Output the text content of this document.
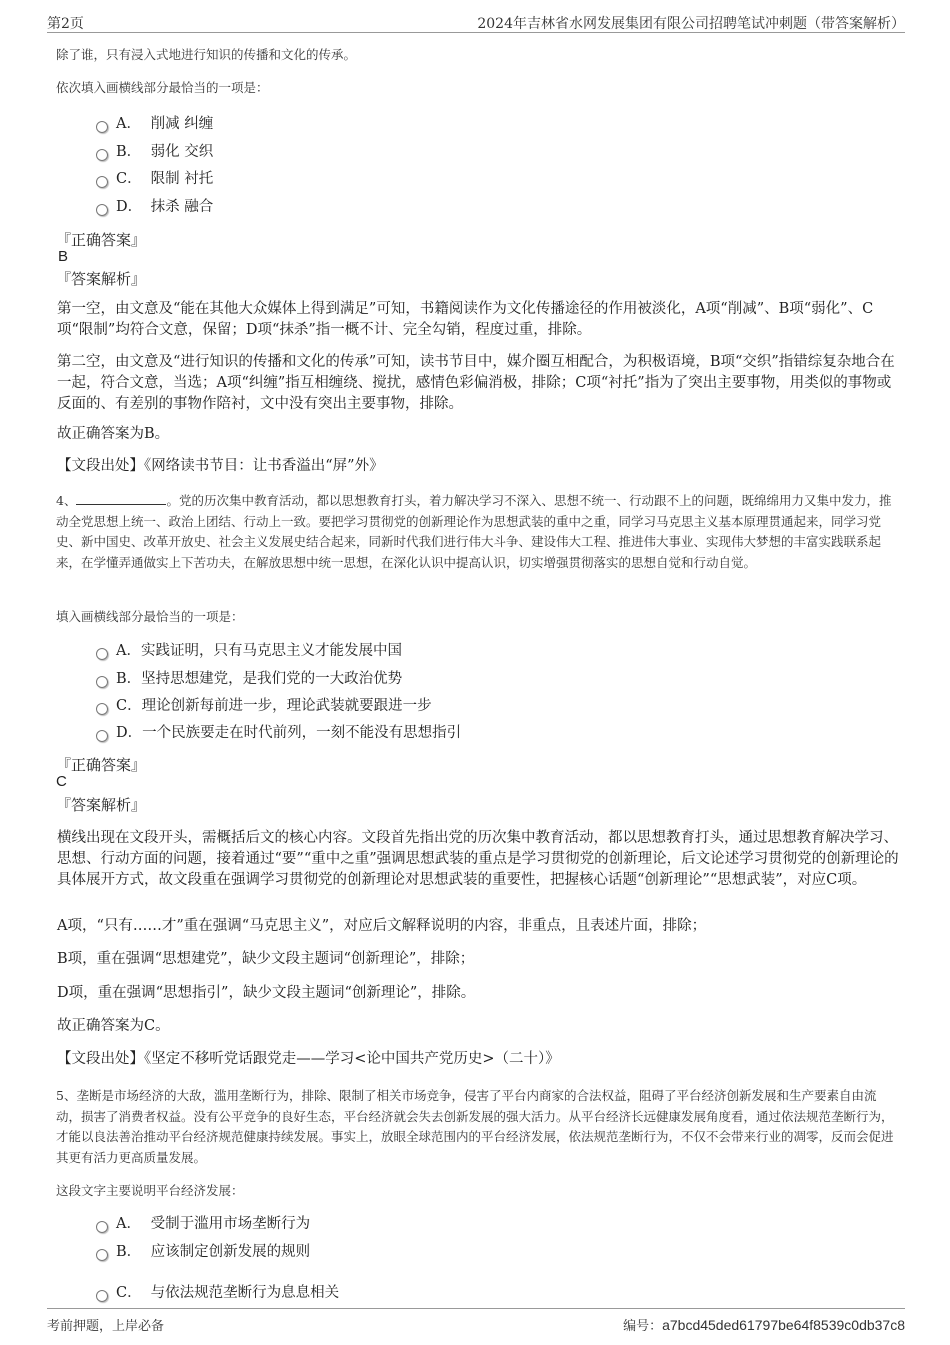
第2页	2024年吉林省水网发展集团有限公司招聘笔试冲刺题（带答案解析）
除了谁，只有浸入式地进行知识的传播和文化的传承。
依次填入画横线部分最恰当的一项是：
A． 削减 纠缠
B． 弱化 交织
C． 限制 衬托
D． 抹杀 融合
『正确答案』
B
『答案解析』
第一空，由文意及“能在其他大众媒体上得到满足”可知，书籍阅读作为文化传播途径的作用被淡化，A项“削减”、B项“弱化”、C项“限制”均符合文意，保留；D项“抹杀”指一概不计、完全勾销，程度过重，排除。
第二空，由文意及“进行知识的传播和文化的传承”可知，读书节目中，媒介圈互相配合，为积极语境，B项“交织”指错综复杂地合在一起，符合文意，当选；A项“纠缠”指互相缠绕、搅扰，感情色彩偏消极，排除；C项“衬托”指为了突出主要事物，用类似的事物或反面的、有差别的事物作陪衬，文中没有突出主要事物，排除。
故正确答案为B。
【文段出处】《网络读书节目：让书香溢出“屏”外》
4、	。党的历次集中教育活动，都以思想教育打头，着力解决学习不深入、思想不统一、行动跟不上的问题，既绵绵用力又集中发力，推动全党思想上统一、政治上团结、行动上一致。要把学习贯彻党的创新理论作为思想武装的重中之重，同学习马克思主义基本原理贯通起来，同学习党史、新中国史、改革开放史、社会主义发展史结合起来，同新时代我们进行伟大斗争、建设伟大工程、推进伟大事业、实现伟大梦想的丰富实践联系起来，在学懂弄通做实上下苦功夫，在解放思想中统一思想，在深化认识中提高认识，切实增强贯彻落实的思想自觉和行动自觉。
填入画横线部分最恰当的一项是：
A．实践证明，只有马克思主义才能发展中国
B．坚持思想建党，是我们党的一大政治优势
C．理论创新每前进一步，理论武装就要跟进一步
D．一个民族要走在时代前列，一刻不能没有思想指引
『正确答案』
C
『答案解析』
横线出现在文段开头，需概括后文的核心内容。文段首先指出党的历次集中教育活动，都以思想教育打头，通过思想教育解决学习、思想、行动方面的问题，接着通过“要”“重中之重”强调思想武装的重点是学习贯彻党的创新理论，后文论述学习贯彻党的创新理论的具体展开方式，故文段重在强调学习贯彻党的创新理论对思想武装的重要性，把握核心话题“创新理论”“思想武装”，对应C项。
A项，“只有……才”重在强调“马克思主义”，对应后文解释说明的内容，非重点，且表述片面，排除；
B项，重在强调“思想建党”，缺少文段主题词“创新理论”，排除；
D项，重在强调“思想指引”，缺少文段主题词“创新理论”，排除。
故正确答案为C。
【文段出处】《坚定不移听党话跟党走——学习<论中国共产党历史>（二十）》
5、垄断是市场经济的大敌，滥用垄断行为，排除、限制了相关市场竞争，侵害了平台内商家的合法权益，阻碍了平台经济创新发展和生产要素自由流动，损害了消费者权益。没有公平竞争的良好生态，平台经济就会失去创新发展的强大活力。从平台经济长远健康发展角度看，通过依法规范垄断行为，才能以良法善治推动平台经济规范健康持续发展。事实上，放眼全球范围内的平台经济发展，依法规范垄断行为，不仅不会带来行业的凋零，反而会促进其更有活力更高质量发展。
这段文字主要说明平台经济发展：
A． 受制于滥用市场垄断行为
B． 应该制定创新发展的规则
C． 与依法规范垄断行为息息相关
考前押题，上岸必备	编号：a7bcd45ded61797be64f8539c0db37c8
